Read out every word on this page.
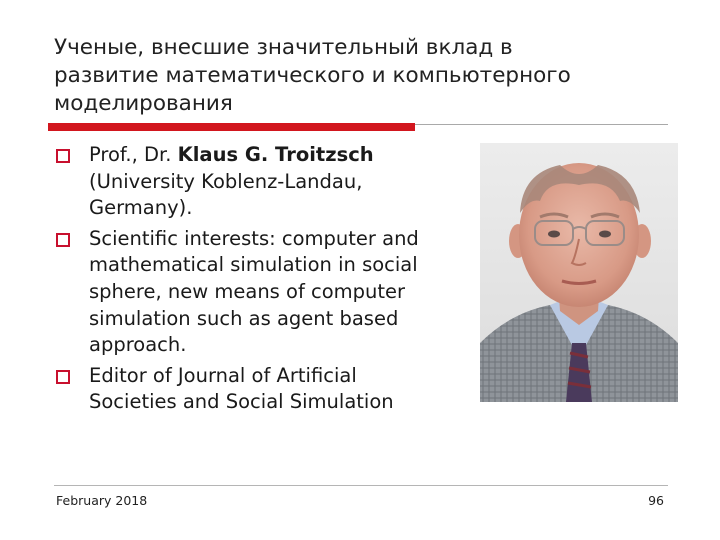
Ученые, внесшие значительный вклад в
развитие математического и компьютерного
моделирования
Prof., Dr. Klaus G. Troitzsch
(University Koblenz-Landau,
Germany).
Scientific interests: computer and
mathematical simulation in social
sphere, new means of computer
simulation such as agent based
approach.
Editor of Journal of Artificial
Societies and Social Simulation
February 2018	96
